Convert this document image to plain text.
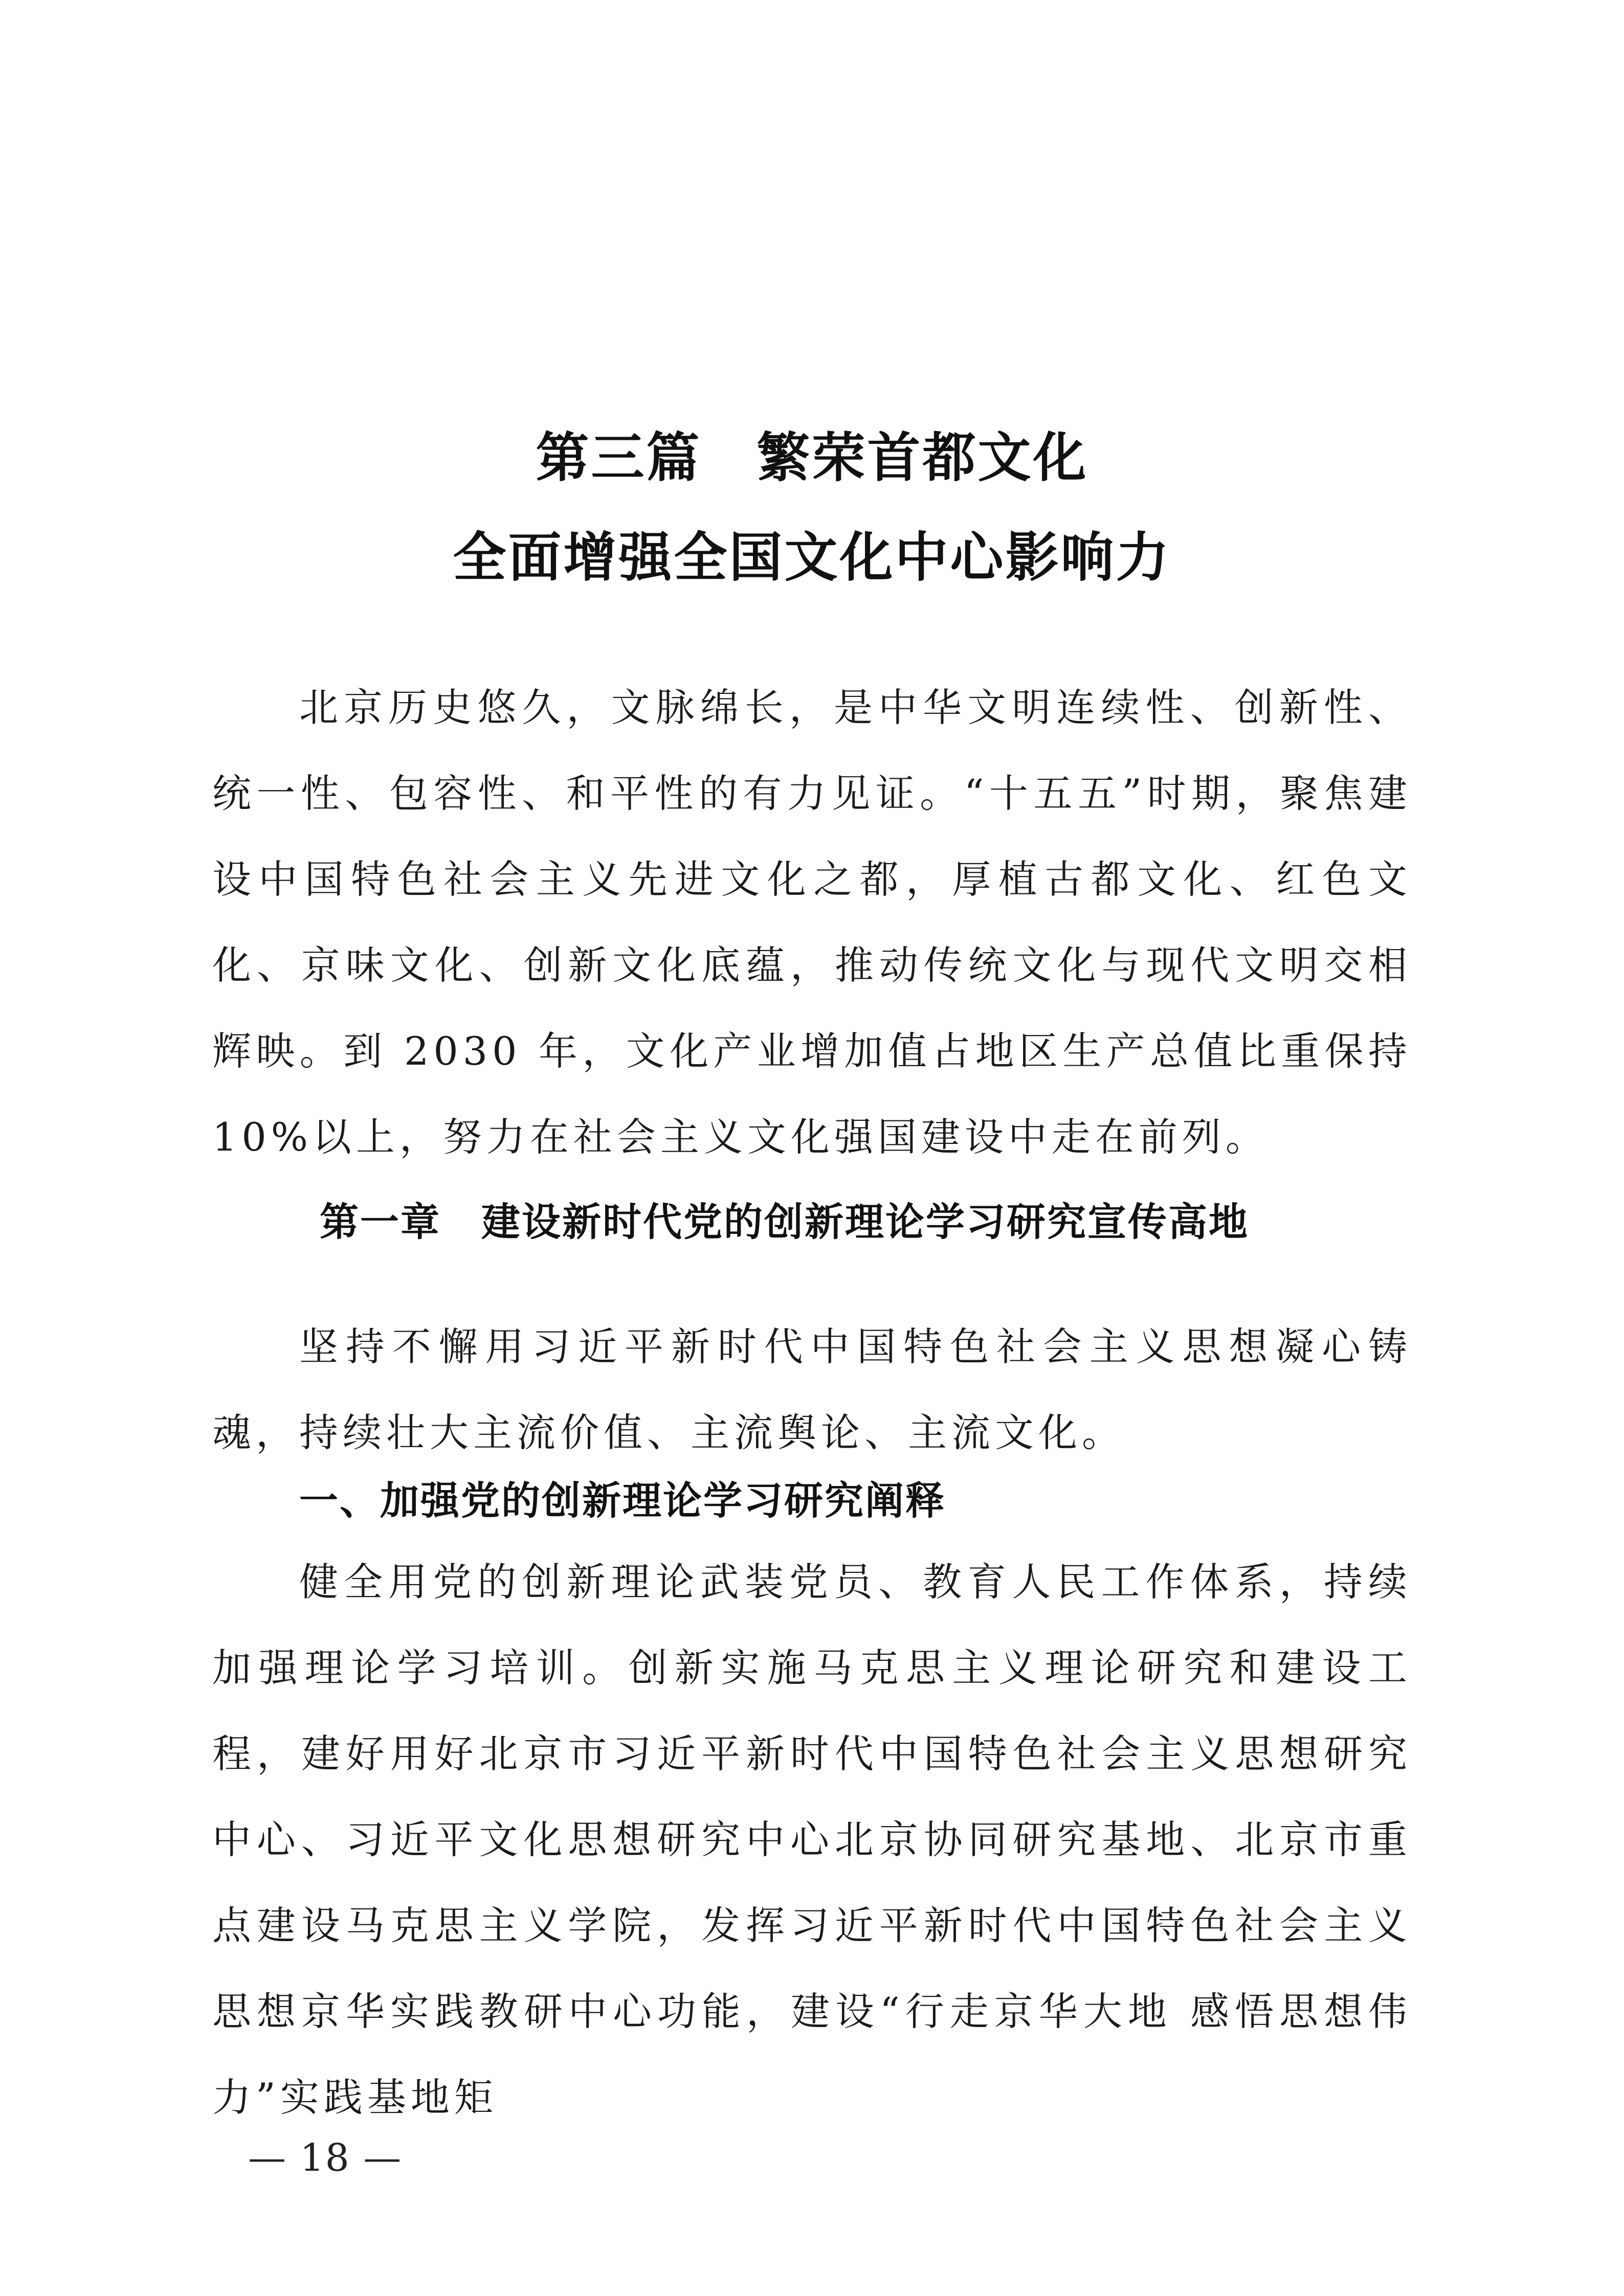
第三篇　繁荣首都文化
全面增强全国文化中心影响力

北京历史悠久，文脉绵长，是中华文明连续性、创新性、统一性、包容性、和平性的有力见证。“十五五”时期，聚焦建设中国特色社会主义先进文化之都，厚植古都文化、红色文化、京味文化、创新文化底蕴，推动传统文化与现代文明交相辉映。到 2030 年，文化产业增加值占地区生产总值比重保持 10%以上，努力在社会主义文化强国建设中走在前列。

第一章　建设新时代党的创新理论学习研究宣传高地

坚持不懈用习近平新时代中国特色社会主义思想凝心铸魂，持续壮大主流价值、主流舆论、主流文化。

一、加强党的创新理论学习研究阐释

健全用党的创新理论武装党员、教育人民工作体系，持续加强理论学习培训。创新实施马克思主义理论研究和建设工程，建好用好北京市习近平新时代中国特色社会主义思想研究中心、习近平文化思想研究中心北京协同研究基地、北京市重点建设马克思主义学院，发挥习近平新时代中国特色社会主义思想京华实践教研中心功能，建设“行走京华大地 感悟思想伟力”实践基地矩

— 18 —
